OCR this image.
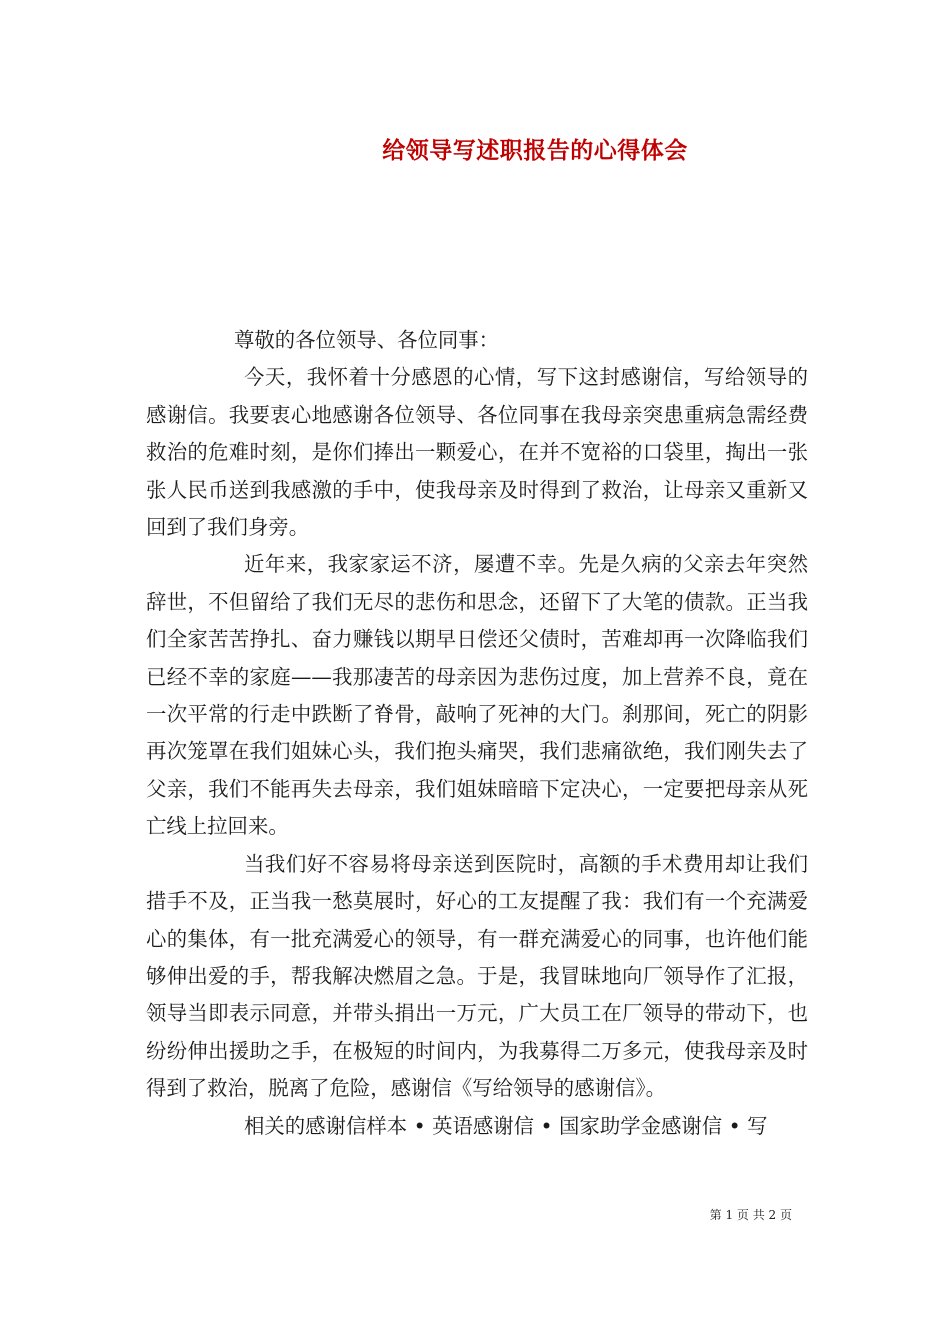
给领导写述职报告的心得体会

尊敬的各位领导、各位同事：

今天，我怀着十分感恩的心情，写下这封感谢信，写给领导的感谢信。我要衷心地感谢各位领导、各位同事在我母亲突患重病急需经费救治的危难时刻，是你们捧出一颗爱心，在并不宽裕的口袋里，掏出一张张人民币送到我感激的手中，使我母亲及时得到了救治，让母亲又重新又回到了我们身旁。

近年来，我家家运不济，屡遭不幸。先是久病的父亲去年突然辞世，不但留给了我们无尽的悲伤和思念，还留下了大笔的债款。正当我们全家苦苦挣扎、奋力赚钱以期早日偿还父债时，苦难却再一次降临我们已经不幸的家庭——我那凄苦的母亲因为悲伤过度，加上营养不良，竟在一次平常的行走中跌断了脊骨，敲响了死神的大门。刹那间，死亡的阴影再次笼罩在我们姐妹心头，我们抱头痛哭，我们悲痛欲绝，我们刚失去了父亲，我们不能再失去母亲，我们姐妹暗暗下定决心，一定要把母亲从死亡线上拉回来。

当我们好不容易将母亲送到医院时，高额的手术费用却让我们措手不及，正当我一愁莫展时，好心的工友提醒了我：我们有一个充满爱心的集体，有一批充满爱心的领导，有一群充满爱心的同事，也许他们能够伸出爱的手，帮我解决燃眉之急。于是，我冒昧地向厂领导作了汇报，领导当即表示同意，并带头捐出一万元，广大员工在厂领导的带动下，也纷纷伸出援助之手，在极短的时间内，为我募得二万多元，使我母亲及时得到了救治，脱离了危险，感谢信《写给领导的感谢信》。

相关的感谢信样本 • 英语感谢信 • 国家助学金感谢信 • 写

第 1 页 共 2 页
